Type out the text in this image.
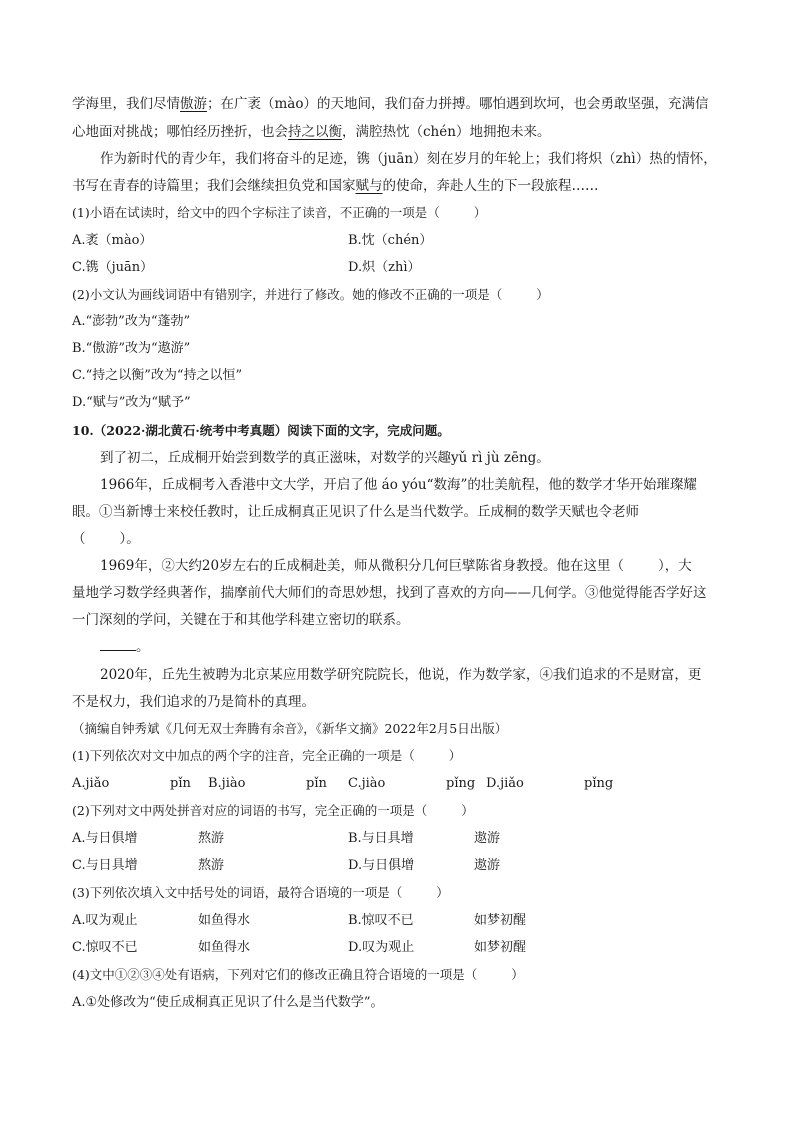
学海里，我们尽情傲游；在广袤（mào）的天地间，我们奋力拼搏。哪怕遇到坎坷，也会勇敢坚强，充满信
心地面对挑战；哪怕经历挫折，也会持之以衡，满腔热忱（chén）地拥抱未来。
作为新时代的青少年，我们将奋斗的足迹，镌（juān）刻在岁月的年轮上；我们将炽（zhì）热的情怀，
书写在青春的诗篇里；我们会继续担负党和国家赋与的使命，奔赴人生的下一段旅程……
(1)小语在试读时，给文中的四个字标注了读音，不正确的一项是（	）
A.袤（mào）	B.忱（chén）
C.镌（juān）	D.炽（zhì）
(2)小文认为画线词语中有错别字，并进行了修改。她的修改不正确的一项是（	）
A.“澎勃”改为“蓬勃”
B.“傲游”改为“遨游”
C.“持之以衡”改为“持之以恒”
D.“赋与”改为“赋予”
10.（2022·湖北黄石·统考中考真题）阅读下面的文字，完成问题。
到了初二，丘成桐开始尝到数学的真正滋味，对数学的兴趣yǔ rì jù zēng。
1966年，丘成桐考入香港中文大学，开启了他 áo yóu“数海”的壮美航程，他的数学才华开始璀璨耀
眼。①当新博士来校任教时，让丘成桐真正见识了什么是当代数学。丘成桐的数学天赋也令老师
（	）。
1969年，②大约20岁左右的丘成桐赴美，师从微积分几何巨擘陈省身教授。他在这里（	），大
量地学习数学经典著作，揣摩前代大师们的奇思妙想，找到了喜欢的方向——几何学。③他觉得能否学好这
一门深刻的学问，关键在于和其他学科建立密切的联系。
。
2020年，丘先生被聘为北京某应用数学研究院院长，他说，作为数学家，④我们追求的不是财富，更
不是权力，我们追求的乃是简朴的真理。
（摘编自钟秀斌《几何无双士奔腾有余音》，《新华文摘》2022年2月5日出版）
(1)下列依次对文中加点的两个字的注音，完全正确的一项是（	）
A.jiǎo	pǐn B.jiào	pǐn C.jiào	pǐng D.jiǎo	pǐng
(2)下列对文中两处拼音对应的词语的书写，完全正确的一项是（	）
A.与日俱增	熬游	B.与日具增	遨游
C.与日具增	熬游	D.与日俱增	遨游
(3)下列依次填入文中括号处的词语，最符合语境的一项是（	）
A.叹为观止	如鱼得水	B.惊叹不已	如梦初醒
C.惊叹不已	如鱼得水	D.叹为观止	如梦初醒
(4)文中①②③④处有语病，下列对它们的修改正确且符合语境的一项是（	）
A.①处修改为“使丘成桐真正见识了什么是当代数学”。
